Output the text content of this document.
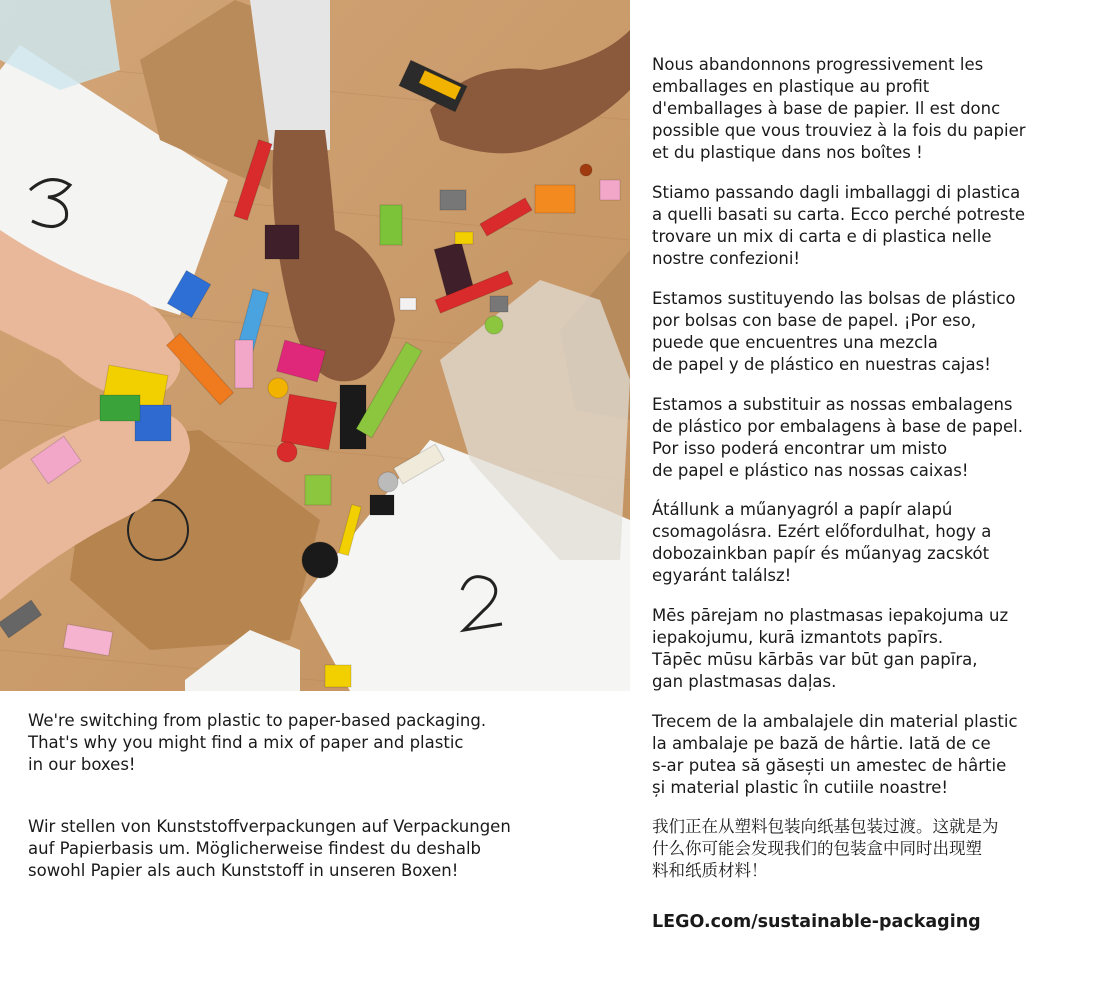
We're switching from plastic to paper-based packaging.
That's why you might find a mix of paper and plastic
in our boxes!

Wir stellen von Kunststoffverpackungen auf Verpackungen
auf Papierbasis um. Möglicherweise findest du deshalb
sowohl Papier als auch Kunststoff in unseren Boxen!

Nous abandonnons progressivement les
emballages en plastique au profit
d'emballages à base de papier. Il est donc
possible que vous trouviez à la fois du papier
et du plastique dans nos boîtes !

Stiamo passando dagli imballaggi di plastica
a quelli basati su carta. Ecco perché potreste
trovare un mix di carta e di plastica nelle
nostre confezioni!

Estamos sustituyendo las bolsas de plástico
por bolsas con base de papel. ¡Por eso,
puede que encuentres una mezcla
de papel y de plástico en nuestras cajas!

Estamos a substituir as nossas embalagens
de plástico por embalagens à base de papel.
Por isso poderá encontrar um misto
de papel e plástico nas nossas caixas!

Átállunk a műanyagról a papír alapú
csomagolásra. Ezért előfordulhat, hogy a
dobozainkban papír és műanyag zacskót
egyaránt találsz!

Mēs pārejam no plastmasas iepakojuma uz
iepakojumu, kurā izmantots papīrs.
Tāpēc mūsu kārbās var būt gan papīra,
gan plastmasas daļas.

Trecem de la ambalajele din material plastic
la ambalaje pe bază de hârtie. Iată de ce
s-ar putea să găsești un amestec de hârtie
și material plastic în cutiile noastre!

我们正在从塑料包装向纸基包装过渡。这就是为
什么你可能会发现我们的包装盒中同时出现塑
料和纸质材料！

LEGO.com/sustainable-packaging
